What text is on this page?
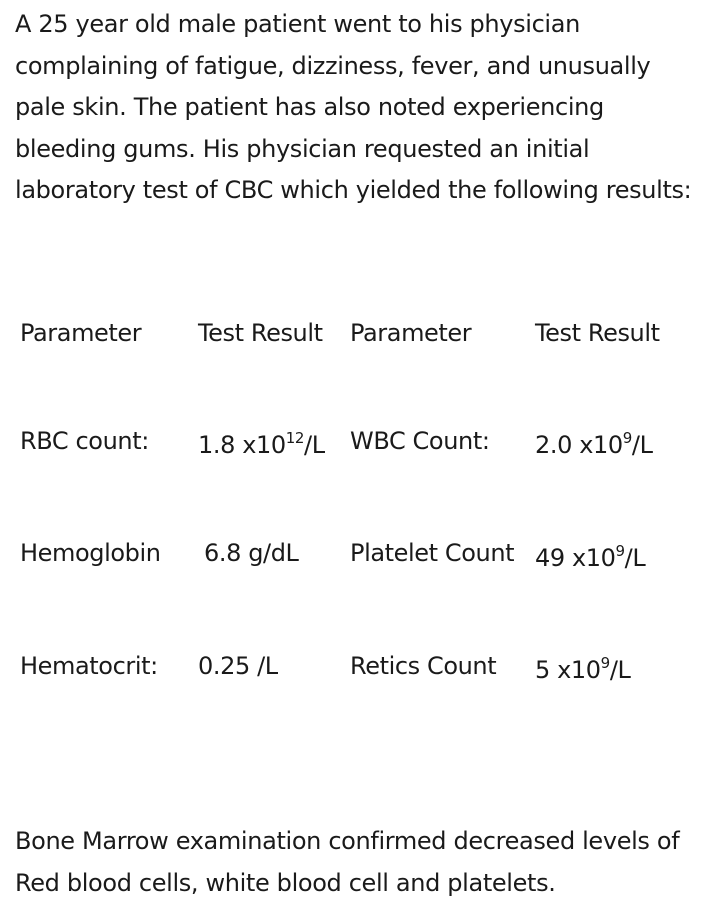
A 25 year old male patient went to his physician complaining of fatigue, dizziness, fever, and unusually pale skin. The patient has also noted experiencing bleeding gums. His physician requested an initial laboratory test of CBC which yielded the following results:

Parameter Test Result Parameter	Test Result
RBC count: 1.8 $x10^{12}/L$ WBC Count: 2.0 $x10^9/L$
Hemoglobin 6.8 g/dL Platelet Count 49 $x10^9/L$
Hematocrit: 0.25 /L	Retics Count 5 $x10^9/L$

Bone Marrow examination confirmed decreased levels of Red blood cells, white blood cell and platelets.
